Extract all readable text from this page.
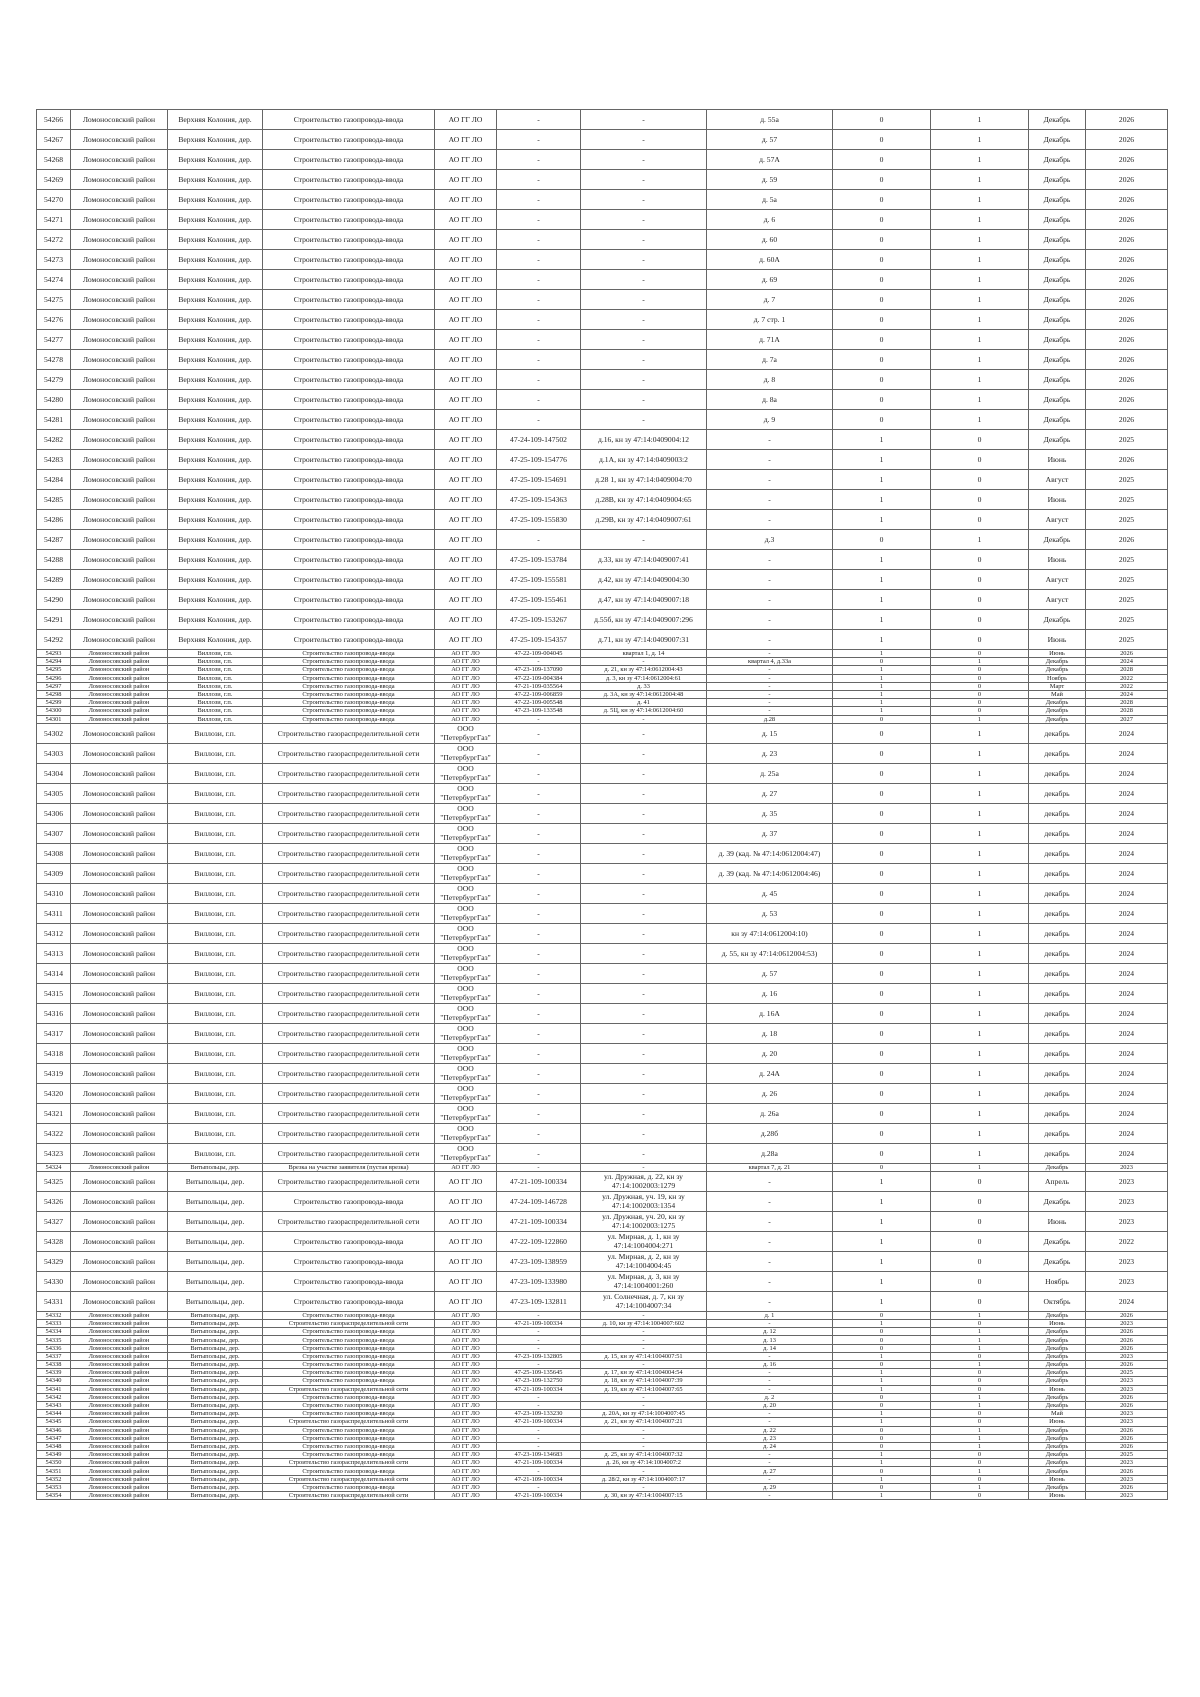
54266	Ломоносовский район	Верхняя Колония, дер.	Строительство газопровода-ввода	АО ГГ ЛО	-	-	д. 55а	0	1	Декабрь	2026
54267	Ломоносовский район	Верхняя Колония, дер.	Строительство газопровода-ввода	АО ГГ ЛО	-	-	д. 57	0	1	Декабрь	2026
54268	Ломоносовский район	Верхняя Колония, дер.	Строительство газопровода-ввода	АО ГГ ЛО	-	-	д. 57А	0	1	Декабрь	2026
54269	Ломоносовский район	Верхняя Колония, дер.	Строительство газопровода-ввода	АО ГГ ЛО	-	-	д. 59	0	1	Декабрь	2026
54270	Ломоносовский район	Верхняя Колония, дер.	Строительство газопровода-ввода	АО ГГ ЛО	-	-	д. 5а	0	1	Декабрь	2026
54271	Ломоносовский район	Верхняя Колония, дер.	Строительство газопровода-ввода	АО ГГ ЛО	-	-	д. 6	0	1	Декабрь	2026
54272	Ломоносовский район	Верхняя Колония, дер.	Строительство газопровода-ввода	АО ГГ ЛО	-	-	д. 60	0	1	Декабрь	2026
54273	Ломоносовский район	Верхняя Колония, дер.	Строительство газопровода-ввода	АО ГГ ЛО	-	-	д. 60А	0	1	Декабрь	2026
54274	Ломоносовский район	Верхняя Колония, дер.	Строительство газопровода-ввода	АО ГГ ЛО	-	-	д. 69	0	1	Декабрь	2026
54275	Ломоносовский район	Верхняя Колония, дер.	Строительство газопровода-ввода	АО ГГ ЛО	-	-	д. 7	0	1	Декабрь	2026
54276	Ломоносовский район	Верхняя Колония, дер.	Строительство газопровода-ввода	АО ГГ ЛО	-	-	д. 7 стр. 1	0	1	Декабрь	2026
54277	Ломоносовский район	Верхняя Колония, дер.	Строительство газопровода-ввода	АО ГГ ЛО	-	-	д. 71А	0	1	Декабрь	2026
54278	Ломоносовский район	Верхняя Колония, дер.	Строительство газопровода-ввода	АО ГГ ЛО	-	-	д. 7а	0	1	Декабрь	2026
54279	Ломоносовский район	Верхняя Колония, дер.	Строительство газопровода-ввода	АО ГГ ЛО	-	-	д. 8	0	1	Декабрь	2026
54280	Ломоносовский район	Верхняя Колония, дер.	Строительство газопровода-ввода	АО ГГ ЛО	-	-	д. 8а	0	1	Декабрь	2026
54281	Ломоносовский район	Верхняя Колония, дер.	Строительство газопровода-ввода	АО ГГ ЛО	-	-	д. 9	0	1	Декабрь	2026
54282	Ломоносовский район	Верхняя Колония, дер.	Строительство газопровода-ввода	АО ГГ ЛО	47-24-109-147502	д.16, кн зу 47:14:0409004:12	-	1	0	Декабрь	2025
54283	Ломоносовский район	Верхняя Колония, дер.	Строительство газопровода-ввода	АО ГГ ЛО	47-25-109-154776	д.1А, кн зу 47:14:0409003:2	-	1	0	Июнь	2026
54284	Ломоносовский район	Верхняя Колония, дер.	Строительство газопровода-ввода	АО ГГ ЛО	47-25-109-154691	д.28 1, кн зу 47:14:0409004:70	-	1	0	Август	2025
54285	Ломоносовский район	Верхняя Колония, дер.	Строительство газопровода-ввода	АО ГГ ЛО	47-25-109-154363	д.28В, кн зу 47:14:0409004:65	-	1	0	Июнь	2025
54286	Ломоносовский район	Верхняя Колония, дер.	Строительство газопровода-ввода	АО ГГ ЛО	47-25-109-155830	д.29В, кн зу 47:14:0409007:61	-	1	0	Август	2025
54287	Ломоносовский район	Верхняя Колония, дер.	Строительство газопровода-ввода	АО ГГ ЛО	-	-	д.3	0	1	Декабрь	2026
54288	Ломоносовский район	Верхняя Колония, дер.	Строительство газопровода-ввода	АО ГГ ЛО	47-25-109-153784	д.33, кн зу 47:14:0409007:41	-	1	0	Июнь	2025
54289	Ломоносовский район	Верхняя Колония, дер.	Строительство газопровода-ввода	АО ГГ ЛО	47-25-109-155581	д.42, кн зу 47:14:0409004:30	-	1	0	Август	2025
54290	Ломоносовский район	Верхняя Колония, дер.	Строительство газопровода-ввода	АО ГГ ЛО	47-25-109-155461	д.47, кн зу 47:14:0409007:18	-	1	0	Август	2025
54291	Ломоносовский район	Верхняя Колония, дер.	Строительство газопровода-ввода	АО ГГ ЛО	47-25-109-153267	д.55б, кн зу 47:14:0409007:296	-	1	0	Декабрь	2025
54292	Ломоносовский район	Верхняя Колония, дер.	Строительство газопровода-ввода	АО ГГ ЛО	47-25-109-154357	д.71, кн зу 47:14:0409007:31	-	1	0	Июнь	2025
54293	Ломоносовский район	Виллози, г.п.	Строительство газопровода-ввода	АО ГГ ЛО	47-22-109-004045	квартал 1, д. 14	-	1	0	Июнь	2026
54294	Ломоносовский район	Виллози, г.п.	Строительство газопровода-ввода	АО ГГ ЛО	-	-	квартал 4, д.33а	0	1	Декабрь	2024
54295	Ломоносовский район	Виллози, г.п.	Строительство газопровода-ввода	АО ГГ ЛО	47-23-109-137090	д. 21, кн зу 47:14:0612004:43	-	1	0	Декабрь	2028
54296	Ломоносовский район	Виллози, г.п.	Строительство газопровода-ввода	АО ГГ ЛО	47-22-109-004384	д. 3, кн зу 47:14:0612004:61	-	1	0	Ноябрь	2022
54297	Ломоносовский район	Виллози, г.п.	Строительство газопровода-ввода	АО ГГ ЛО	47-21-109-035564	д. 33	-	1	0	Март	2022
54298	Ломоносовский район	Виллози, г.п.	Строительство газопровода-ввода	АО ГГ ЛО	47-22-109-006859	д. 3А, кн зу 47:14:0612004:48	-	1	0	Май	2024
54299	Ломоносовский район	Виллози, г.п.	Строительство газопровода-ввода	АО ГГ ЛО	47-22-109-005548	д. 41	-	1	0	Декабрь	2028
54300	Ломоносовский район	Виллози, г.п.	Строительство газопровода-ввода	АО ГГ ЛО	47-23-109-133548	д. 5Ц, кн зу 47:14:0612004:60	-	1	0	Декабрь	2028
54301	Ломоносовский район	Виллози, г.п.	Строительство газопровода-ввода	АО ГГ ЛО	-	-	д.28	0	1	Декабрь	2027
54302	Ломоносовский район	Виллози, г.п.	Строительство газораспределительной сети	ООО "ПетербургГаз"	-	-	д. 15	0	1	декабрь	2024
54303	Ломоносовский район	Виллози, г.п.	Строительство газораспределительной сети	ООО "ПетербургГаз"	-	-	д. 23	0	1	декабрь	2024
54304	Ломоносовский район	Виллози, г.п.	Строительство газораспределительной сети	ООО "ПетербургГаз"	-	-	д. 25а	0	1	декабрь	2024
54305	Ломоносовский район	Виллози, г.п.	Строительство газораспределительной сети	ООО "ПетербургГаз"	-	-	д. 27	0	1	декабрь	2024
54306	Ломоносовский район	Виллози, г.п.	Строительство газораспределительной сети	ООО "ПетербургГаз"	-	-	д. 35	0	1	декабрь	2024
54307	Ломоносовский район	Виллози, г.п.	Строительство газораспределительной сети	ООО "ПетербургГаз"	-	-	д. 37	0	1	декабрь	2024
54308	Ломоносовский район	Виллози, г.п.	Строительство газораспределительной сети	ООО "ПетербургГаз"	-	-	д. 39 (кад. № 47:14:0612004:47)	0	1	декабрь	2024
54309	Ломоносовский район	Виллози, г.п.	Строительство газораспределительной сети	ООО "ПетербургГаз"	-	-	д. 39 (кад. № 47:14:0612004:46)	0	1	декабрь	2024
54310	Ломоносовский район	Виллози, г.п.	Строительство газораспределительной сети	ООО "ПетербургГаз"	-	-	д. 45	0	1	декабрь	2024
54311	Ломоносовский район	Виллози, г.п.	Строительство газораспределительной сети	ООО "ПетербургГаз"	-	-	д. 53	0	1	декабрь	2024
54312	Ломоносовский район	Виллози, г.п.	Строительство газораспределительной сети	ООО "ПетербургГаз"	-	-	кн зу 47:14:0612004:10)	0	1	декабрь	2024
54313	Ломоносовский район	Виллози, г.п.	Строительство газораспределительной сети	ООО "ПетербургГаз"	-	-	д. 55, кн зу 47:14:0612004:53)	0	1	декабрь	2024
54314	Ломоносовский район	Виллози, г.п.	Строительство газораспределительной сети	ООО "ПетербургГаз"	-	-	д. 57	0	1	декабрь	2024
54315	Ломоносовский район	Виллози, г.п.	Строительство газораспределительной сети	ООО "ПетербургГаз"	-	-	д. 16	0	1	декабрь	2024
54316	Ломоносовский район	Виллози, г.п.	Строительство газораспределительной сети	ООО "ПетербургГаз"	-	-	д. 16А	0	1	декабрь	2024
54317	Ломоносовский район	Виллози, г.п.	Строительство газораспределительной сети	ООО "ПетербургГаз"	-	-	д. 18	0	1	декабрь	2024
54318	Ломоносовский район	Виллози, г.п.	Строительство газораспределительной сети	ООО "ПетербургГаз"	-	-	д. 20	0	1	декабрь	2024
54319	Ломоносовский район	Виллози, г.п.	Строительство газораспределительной сети	ООО "ПетербургГаз"	-	-	д. 24А	0	1	декабрь	2024
54320	Ломоносовский район	Виллози, г.п.	Строительство газораспределительной сети	ООО "ПетербургГаз"	-	-	д. 26	0	1	декабрь	2024
54321	Ломоносовский район	Виллози, г.п.	Строительство газораспределительной сети	ООО "ПетербургГаз"	-	-	д. 26а	0	1	декабрь	2024
54322	Ломоносовский район	Виллози, г.п.	Строительство газораспределительной сети	ООО "ПетербургГаз"	-	-	д.28б	0	1	декабрь	2024
54323	Ломоносовский район	Виллози, г.п.	Строительство газораспределительной сети	ООО "ПетербургГаз"	-	-	д.28а	0	1	декабрь	2024
54324	Ломоносовский район	Витыпольцы, дер.	Врезка на участке заявителя (пустая врезка)	АО ГГ ЛО	-	-	квартал 7, д. 21	0	1	Декабрь	2023
54325	Ломоносовский район	Витыпольцы, дер.	Строительство газораспределительной сети	АО ГГ ЛО	47-21-109-100334	ул. Дружная, д. 22, кн зу 47:14:1002003:1279	-	1	0	Апрель	2023
54326	Ломоносовский район	Витыпольцы, дер.	Строительство газопровода-ввода	АО ГГ ЛО	47-24-109-146728	ул. Дружная, уч. 19, кн зу 47:14:1002003:1354	-	1	0	Декабрь	2023
54327	Ломоносовский район	Витыпольцы, дер.	Строительство газораспределительной сети	АО ГГ ЛО	47-21-109-100334	ул. Дружная, уч. 20, кн зу 47:14:1002003:1275	-	1	0	Июнь	2023
54328	Ломоносовский район	Витыпольцы, дер.	Строительство газопровода-ввода	АО ГГ ЛО	47-22-109-122860	ул. Мирная, д. 1, кн зу 47:14:1004004:271	-	1	0	Декабрь	2022
54329	Ломоносовский район	Витыпольцы, дер.	Строительство газопровода-ввода	АО ГГ ЛО	47-23-109-138959	ул. Мирная, д. 2, кн зу 47:14:1004004:45	-	1	0	Декабрь	2023
54330	Ломоносовский район	Витыпольцы, дер.	Строительство газопровода-ввода	АО ГГ ЛО	47-23-109-133980	ул. Мирная, д. 3, кн зу 47:14:1004001:260	-	1	0	Ноябрь	2023
54331	Ломоносовский район	Витыпольцы, дер.	Строительство газопровода-ввода	АО ГГ ЛО	47-23-109-132811	ул. Солнечная, д. 7, кн зу 47:14:1004007:34	-	1	0	Октябрь	2024
54332	Ломоносовский район	Витыпольцы, дер.	Строительство газопровода-ввода	АО ГГ ЛО	-	-	д. 1	0	1	Декабрь	2026
54333	Ломоносовский район	Витыпольцы, дер.	Строительство газораспределительной сети	АО ГГ ЛО	47-21-109-100334	д. 10, кн зу 47:14:1004007:602	-	1	0	Июнь	2023
54334	Ломоносовский район	Витыпольцы, дер.	Строительство газопровода-ввода	АО ГГ ЛО	-	-	д. 12	0	1	Декабрь	2026
54335	Ломоносовский район	Витыпольцы, дер.	Строительство газопровода-ввода	АО ГГ ЛО	-	-	д. 13	0	1	Декабрь	2026
54336	Ломоносовский район	Витыпольцы, дер.	Строительство газопровода-ввода	АО ГГ ЛО	-	-	д. 14	0	1	Декабрь	2026
54337	Ломоносовский район	Витыпольцы, дер.	Строительство газопровода-ввода	АО ГГ ЛО	47-23-109-132805	д. 15, кн зу 47:14:1004007:51	-	1	0	Декабрь	2023
54338	Ломоносовский район	Витыпольцы, дер.	Строительство газопровода-ввода	АО ГГ ЛО	-	-	д. 16	0	1	Декабрь	2026
54339	Ломоносовский район	Витыпольцы, дер.	Строительство газопровода-ввода	АО ГГ ЛО	47-25-109-135645	д. 17, кн зу 47:14:1004004:54	-	1	0	Декабрь	2025
54340	Ломоносовский район	Витыпольцы, дер.	Строительство газопровода-ввода	АО ГГ ЛО	47-23-109-132750	д. 18, кн зу 47:14:1004007:39	-	1	0	Декабрь	2023
54341	Ломоносовский район	Витыпольцы, дер.	Строительство газораспределительной сети	АО ГГ ЛО	47-21-109-100334	д. 19, кн зу 47:14:1004007:65	-	1	0	Июнь	2023
54342	Ломоносовский район	Витыпольцы, дер.	Строительство газопровода-ввода	АО ГГ ЛО	-	-	д. 2	0	1	Декабрь	2026
54343	Ломоносовский район	Витыпольцы, дер.	Строительство газопровода-ввода	АО ГГ ЛО	-	-	д. 20	0	1	Декабрь	2026
54344	Ломоносовский район	Витыпольцы, дер.	Строительство газопровода-ввода	АО ГГ ЛО	47-23-109-133230	д. 20А, кн зу 47:14:1004007:45	-	1	0	Май	2023
54345	Ломоносовский район	Витыпольцы, дер.	Строительство газораспределительной сети	АО ГГ ЛО	47-21-109-100334	д. 21, кн зу 47:14:1004007:21	-	1	0	Июнь	2023
54346	Ломоносовский район	Витыпольцы, дер.	Строительство газопровода-ввода	АО ГГ ЛО	-	-	д. 22	0	1	Декабрь	2026
54347	Ломоносовский район	Витыпольцы, дер.	Строительство газопровода-ввода	АО ГГ ЛО	-	-	д. 23	0	1	Декабрь	2026
54348	Ломоносовский район	Витыпольцы, дер.	Строительство газопровода-ввода	АО ГГ ЛО	-	-	д. 24	0	1	Декабрь	2026
54349	Ломоносовский район	Витыпольцы, дер.	Строительство газопровода-ввода	АО ГГ ЛО	47-23-109-134683	д. 25, кн зу 47:14:1004007:32	-	1	0	Декабрь	2025
54350	Ломоносовский район	Витыпольцы, дер.	Строительство газораспределительной сети	АО ГГ ЛО	47-21-109-100334	д. 26, кн зу 47:14:1004007:2	-	1	0	Декабрь	2023
54351	Ломоносовский район	Витыпольцы, дер.	Строительство газопровода-ввода	АО ГГ ЛО	-	-	д. 27	0	1	Декабрь	2026
54352	Ломоносовский район	Витыпольцы, дер.	Строительство газораспределительной сети	АО ГГ ЛО	47-21-109-100334	д. 28/2, кн зу 47:14:1004007:17	-	1	0	Июнь	2023
54353	Ломоносовский район	Витыпольцы, дер.	Строительство газопровода-ввода	АО ГГ ЛО	-	-	д. 29	0	1	Декабрь	2026
54354	Ломоносовский район	Витыпольцы, дер.	Строительство газораспределительной сети	АО ГГ ЛО	47-21-109-100334	д. 30, кн зу 47:14:1004007:15	-	1	0	Июнь	2023
